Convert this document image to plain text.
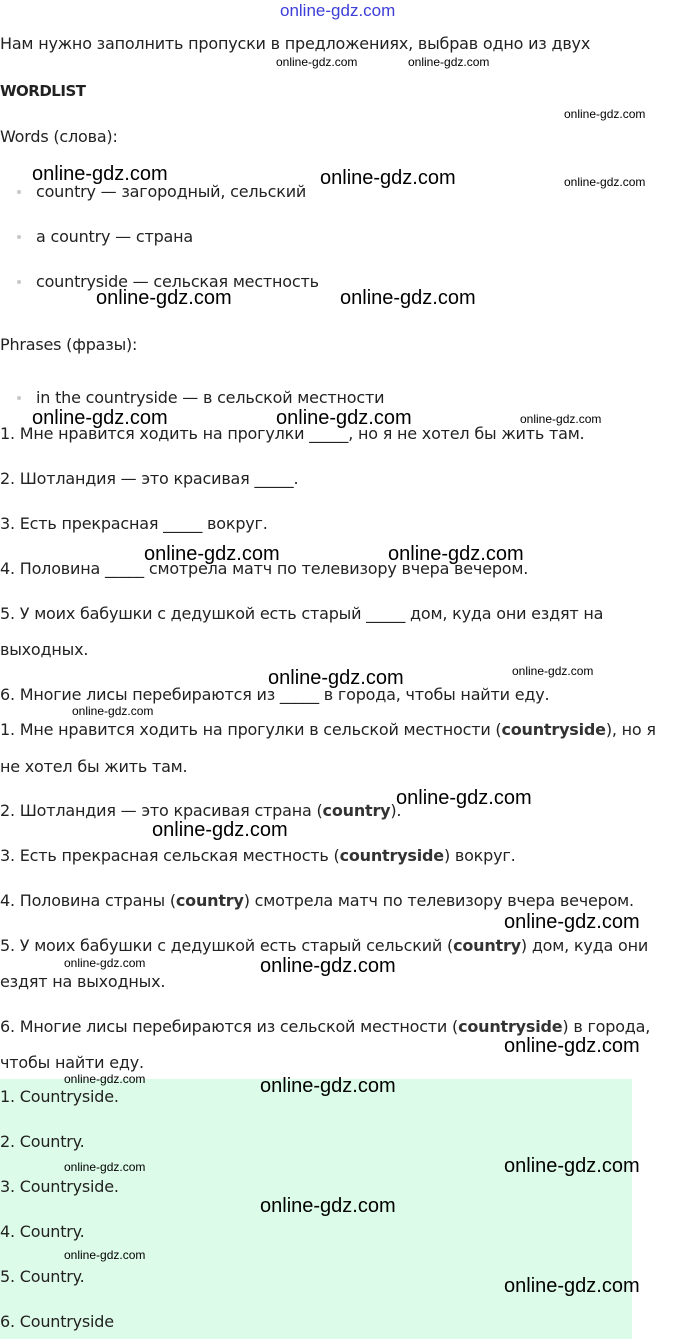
online-gdz.com
Нам нужно заполнить пропуски в предложениях, выбрав одно из двух
WORDLIST
Words (слова):
country — загородный, сельский
a country — страна
countryside — сельская местность
Phrases (фразы):
in the countryside — в сельской местности
1. Мне нравится ходить на прогулки _____, но я не хотел бы жить там.
2. Шотландия — это красивая _____.
3. Есть прекрасная _____ вокруг.
4. Половина _____ смотрела матч по телевизору вчера вечером.
5. У моих бабушки с дедушкой есть старый _____ дом, куда они ездят на
выходных.
6. Многие лисы перебираются из _____ в города, чтобы найти еду.
1. Мне нравится ходить на прогулки в сельской местности (countryside), но я
не хотел бы жить там.
2. Шотландия — это красивая страна (country).
3. Есть прекрасная сельская местность (countryside) вокруг.
4. Половина страны (country) смотрела матч по телевизору вчера вечером.
5. У моих бабушки с дедушкой есть старый сельский (country) дом, куда они
ездят на выходных.
6. Многие лисы перебираются из сельской местности (countryside) в города,
чтобы найти еду.
1. Countryside.
2. Country.
3. Countryside.
4. Country.
5. Country.
6. Countryside
online-gdz.com	online-gdz.com
online-gdz.com
online-gdz.com	online-gdz.com	online-gdz.com
online-gdz.com	online-gdz.com
online-gdz.com	online-gdz.com	online-gdz.com
online-gdz.com	online-gdz.com
online-gdz.com	online-gdz.com
online-gdz.com
online-gdz.com
online-gdz.com
online-gdz.com
online-gdz.com	online-gdz.com
online-gdz.com
online-gdz.com	online-gdz.com
online-gdz.com	online-gdz.com
online-gdz.com
online-gdz.com
online-gdz.com
